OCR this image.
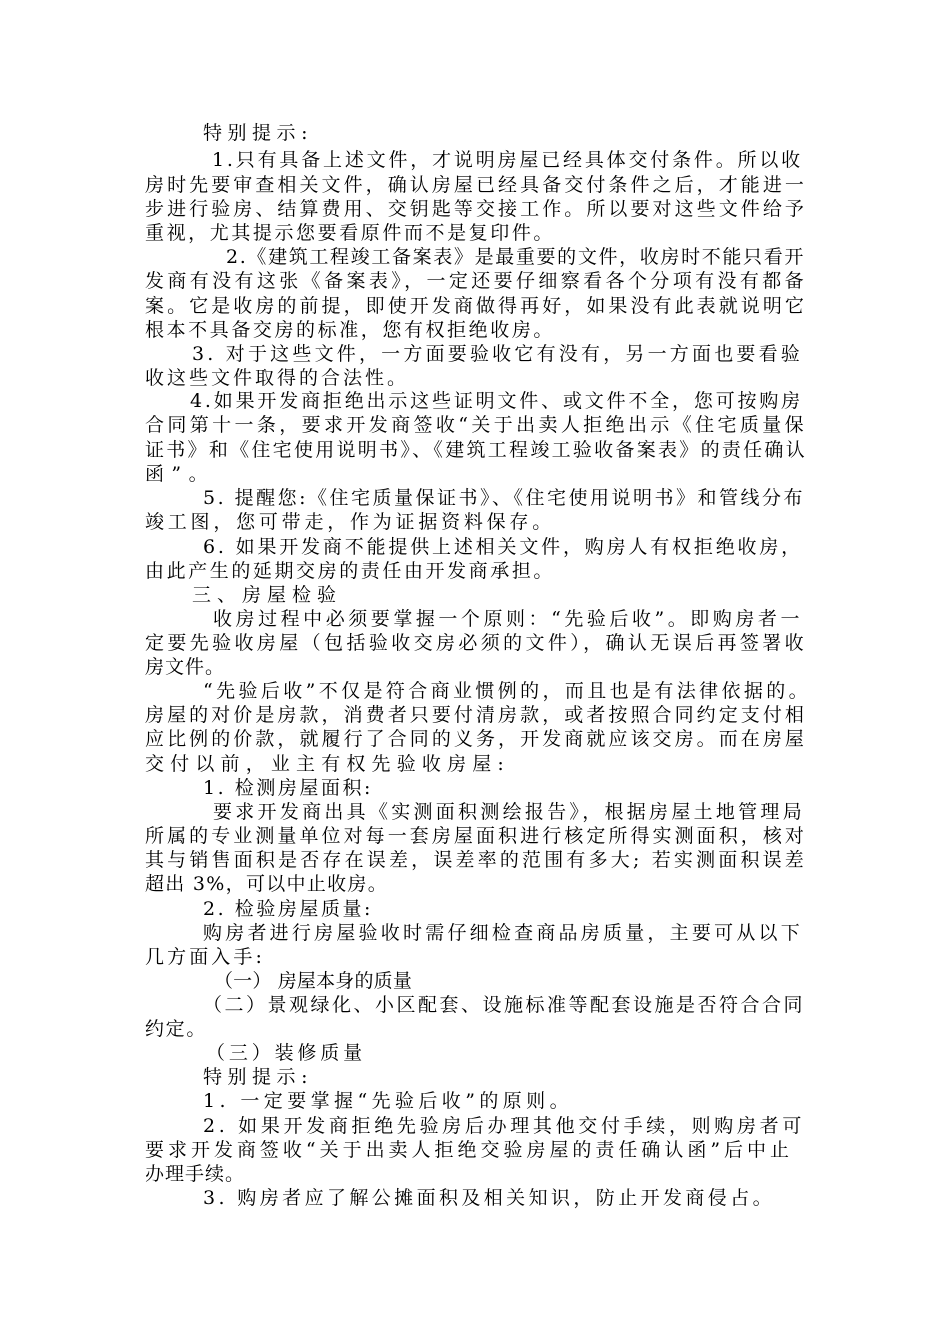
特别提示:
1.只有具备上述文件，才说明房屋已经具体交付条件。所以收
房时先要审查相关文件，确认房屋已经具备交付条件之后，才能进一
步进行验房、结算费用、交钥匙等交接工作。所以要对这些文件给予
重视，尤其提示您要看原件而不是复印件。
2.《建筑工程竣工备案表》是最重要的文件，收房时不能只看开
发商有没有这张《备案表》，一定还要仔细察看各个分项有没有都备
案。它是收房的前提，即使开发商做得再好，如果没有此表就说明它
根本不具备交房的标准，您有权拒绝收房。
3. 对于这些文件，一方面要验收它有没有，另一方面也要看验
收这些文件取得的合法性。
4.如果开发商拒绝出示这些证明文件、或文件不全，您可按购房
合同第十一条，要求开发商签收“关于出卖人拒绝出示《住宅质量保
证书》和《住宅使用说明书》、《建筑工程竣工验收备案表》的责任确认
函”。
5. 提醒您:《住宅质量保证书》、《住宅使用说明书》和管线分布
竣工图，您可带走，作为证据资料保存。
6. 如果开发商不能提供上述相关文件，购房人有权拒绝收房，
由此产生的延期交房的责任由开发商承担。
三、房屋检验
收房过程中必须要掌握一个原则：“先验后收”。即购房者一
定要先验收房屋（包括验收交房必须的文件），确认无误后再签署收
房文件。
“先验后收”不仅是符合商业惯例的，而且也是有法律依据的。
房屋的对价是房款，消费者只要付清房款，或者按照合同约定支付相
应比例的价款，就履行了合同的义务，开发商就应该交房。而在房屋
交付以前，业主有权先验收房屋:
1. 检测房屋面积:
要求开发商出具《实测面积测绘报告》，根据房屋土地管理局
所属的专业测量单位对每一套房屋面积进行核定所得实测面积，核对
其与销售面积是否存在误差，误差率的范围有多大; 若实测面积误差
超出 3%，可以中止收房。
2. 检验房屋质量:
购房者进行房屋验收时需仔细检查商品房质量，主要可从以下
几方面入手:
（一） 房屋本身的质量
（二）景观绿化、小区配套、设施标准等配套设施是否符合合同
约定。
（三）装修质量
特别提示:
1. 一定要掌握“先验后收”的原则。
2. 如果开发商拒绝先验房后办理其他交付手续，则购房者可
要求开发商签收“关于出卖人拒绝交验房屋的责任确认函”后中止
办理手续。
3. 购房者应了解公摊面积及相关知识，防止开发商侵占。
